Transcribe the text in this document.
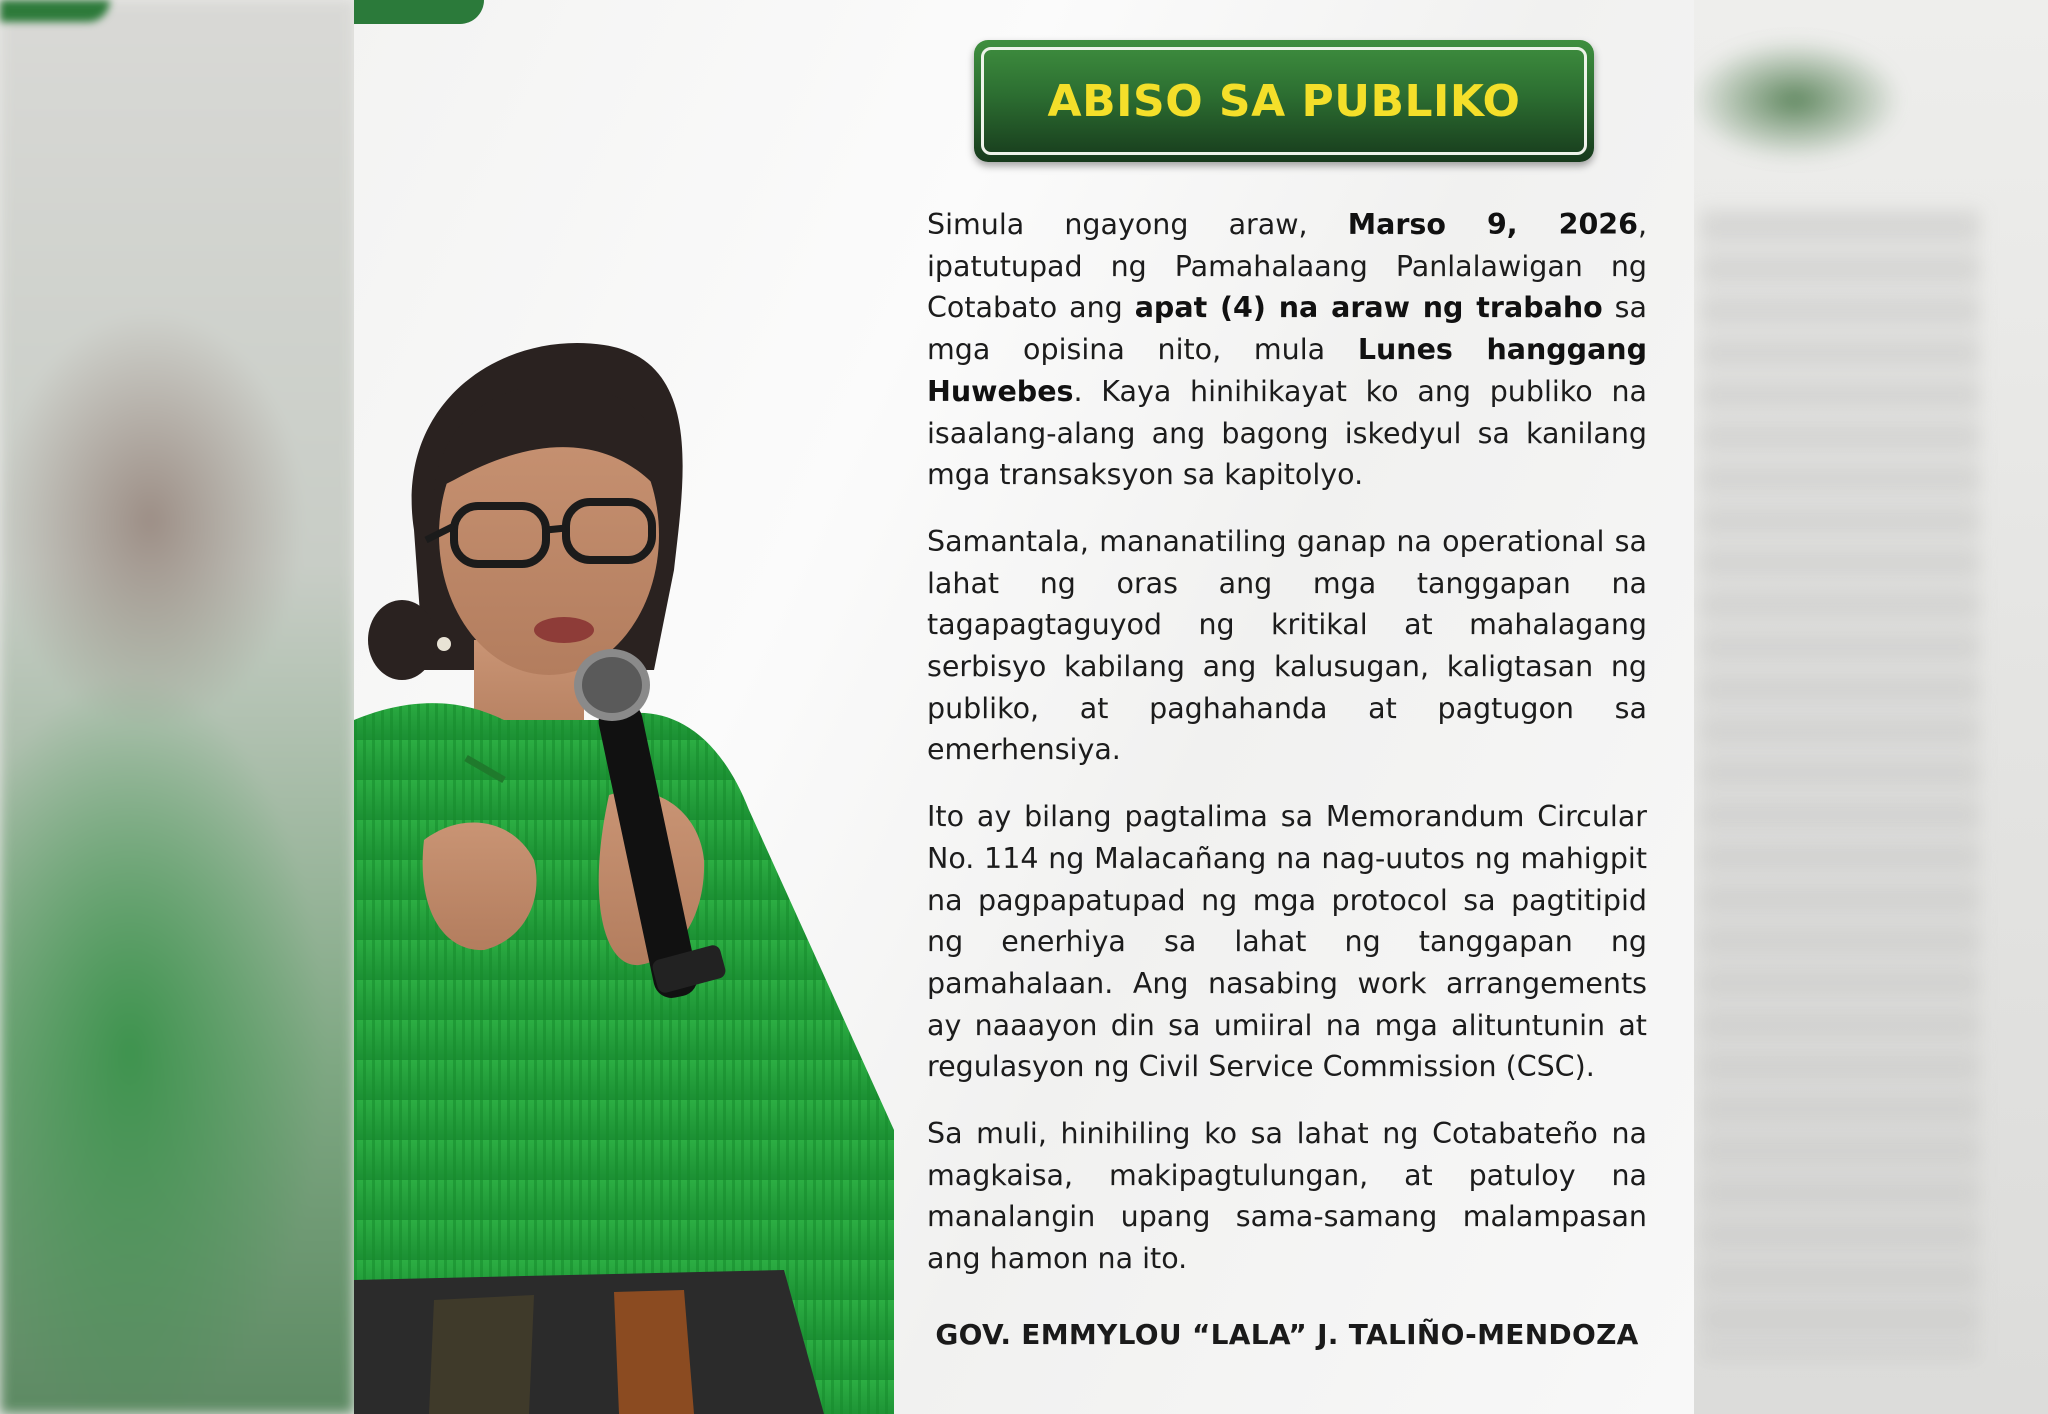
ABISO SA PUBLIKO

Simula ngayong araw, Marso 9, 2026, ipatutupad ng Pamahalaang Panlalawigan ng Cotabato ang apat (4) na araw ng trabaho sa mga opisina nito, mula Lunes hanggang Huwebes. Kaya hinihikayat ko ang publiko na isaalang-alang ang bagong iskedyul sa kanilang mga transaksyon sa kapitolyo.

Samantala, mananatiling ganap na operational sa lahat ng oras ang mga tanggapan na tagapagtaguyod ng kritikal at mahalagang serbisyo kabilang ang kalusugan, kaligtasan ng publiko, at paghahanda at pagtugon sa emerhensiya.

Ito ay bilang pagtalima sa Memorandum Circular No. 114 ng Malacañang na nag-uutos ng mahigpit na pagpapatupad ng mga protocol sa pagtitipid ng enerhiya sa lahat ng tanggapan ng pamahalaan. Ang nasabing work arrangements ay naaayon din sa umiiral na mga alituntunin at regulasyon ng Civil Service Commission (CSC).

Sa muli, hinihiling ko sa lahat ng Cotabateño na magkaisa, makipagtulungan, at patuloy na manalangin upang sama-samang malampasan ang hamon na ito.

GOV. EMMYLOU “LALA” J. TALIÑO-MENDOZA
